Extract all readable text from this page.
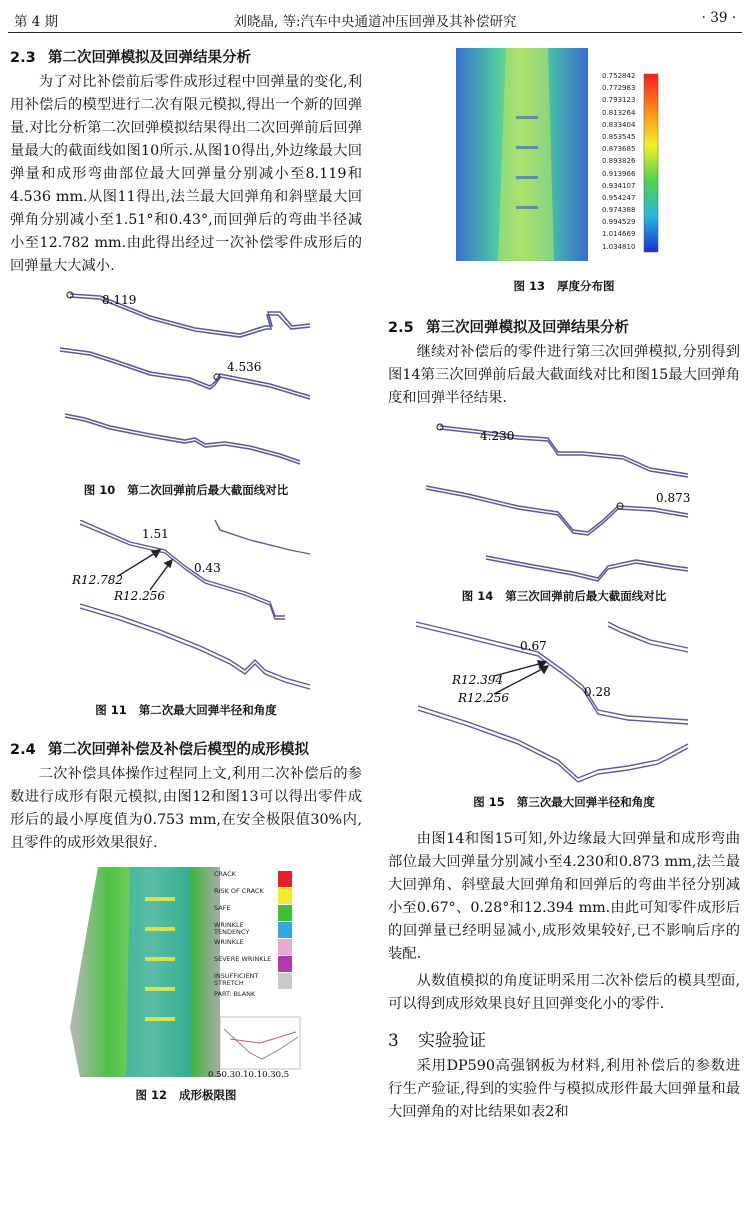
第 4 期	刘晓晶, 等:汽车中央通道冲压回弹及其补偿研究	· 39 ·
2.3 第二次回弹模拟及回弹结果分析

为了对比补偿前后零件成形过程中回弹量的变化,利用补偿后的模型进行二次有限元模拟,得出一个新的回弹量.对比分析第二次回弹模拟结果得出二次回弹前后回弹量最大的截面线如图10所示.从图10得出,外边缘最大回弹量和成形弯曲部位最大回弹量分别减小至8.119和4.536 mm.从图11得出,法兰最大回弹角和斜壁最大回弹角分别减小至1.51°和0.43°,而回弹后的弯曲半径减小至12.782 mm.由此得出经过一次补偿零件成形后的回弹量大大减小.

8.119
4.536
图 10 第二次回弹前后最大截面线对比
1.51
0.43
R12.782
R12.256
图 11 第二次最大回弹半径和角度
2.4 第二次回弹补偿及补偿后模型的成形模拟

二次补偿具体操作过程同上文,利用二次补偿后的参数进行成形有限元模拟,由图12和图13可以得出零件成形后的最小厚度值为0.753 mm,在安全极限值30%内,且零件的成形效果很好.

0.50.30.10.10.30.5
CRACK
RISK OF CRACK
SAFE
WRINKLE TENDENCY
WRINKLE
SEVERE WRINKLE
INSUFFICIENT STRETCH
PART: BLANK
图 12 成形极限图
0.752842
0.772983
0.793123
0.813264
0.833404
0.853545
0.873685
0.893826
0.913966
0.934107
0.954247
0.974388
0.994529
1.014669
1.034810
图 13 厚度分布图
2.5 第三次回弹模拟及回弹结果分析

继续对补偿后的零件进行第三次回弹模拟,分别得到图14第三次回弹前后最大截面线对比和图15最大回弹角度和回弹半径结果.

4.230
0.873
图 14 第三次回弹前后最大截面线对比
0.67
0.28
R12.394
R12.256
图 15 第三次最大回弹半径和角度

由图14和图15可知,外边缘最大回弹量和成形弯曲部位最大回弹量分别减小至4.230和0.873 mm,法兰最大回弹角、斜壁最大回弹角和回弹后的弯曲半径分别减小至0.67°、0.28°和12.394 mm.由此可知零件成形后的回弹量已经明显减小,成形效果较好,已不影响后序的装配.

从数值模拟的角度证明采用二次补偿后的模具型面,可以得到成形效果良好且回弹变化小的零件.

3 实验验证

采用DP590高强钢板为材料,利用补偿后的参数进行生产验证,得到的实验件与模拟成形件最大回弹量和最大回弹角的对比结果如表2和
